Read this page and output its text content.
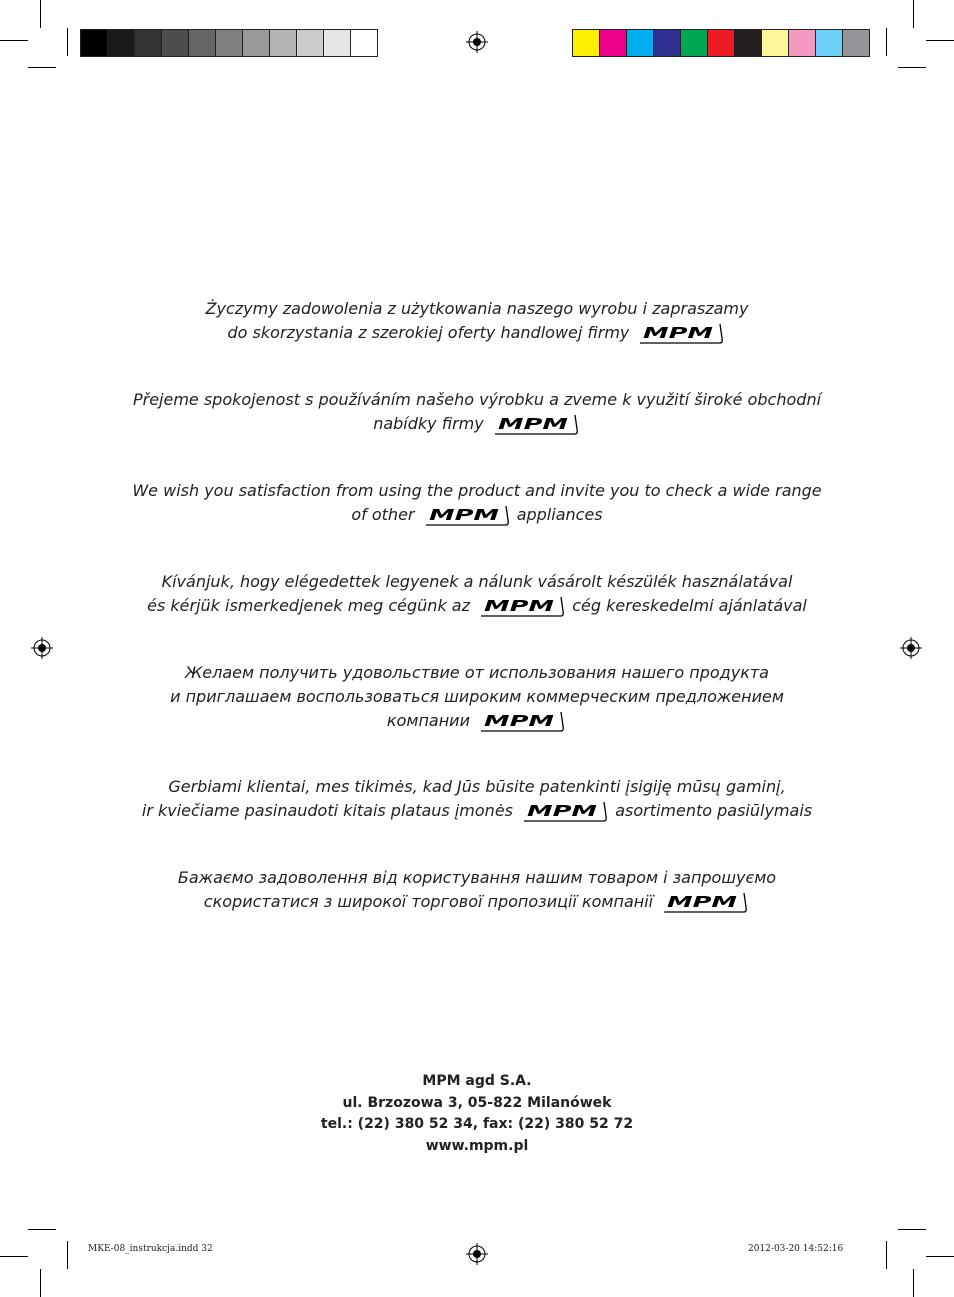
Życzymy zadowolenia z użytkowania naszego wyrobu i zapraszamy
do skorzystania z szerokiej oferty handlowej firmy MPM
Přejeme spokojenost s používáním našeho výrobku a zveme k využití široké obchodní
nabídky firmy MPM
We wish you satisfaction from using the product and invite you to check a wide range
of other MPM appliances
Kívánjuk, hogy elégedettek legyenek a nálunk vásárolt készülék használatával
és kérjük ismerkedjenek meg cégünk az MPM cég kereskedelmi ajánlatával
Желаем получить удовольствие от использования нашего продукта
и приглашаем воспользоваться широким коммерческим предложением
компании MPM
Gerbiami klientai, mes tikimės, kad Jūs būsite patenkinti įsigiję mūsų gaminį,
ir kviečiame pasinaudoti kitais plataus įmonės MPM asortimento pasiūlymais
Бажаємо задоволення від користування нашим товаром і запрошуємо
скористатися з широкої торгової пропозиції компанії MPM
MPM agd S.A.
ul. Brzozowa 3, 05-822 Milanówek
tel.: (22) 380 52 34, fax: (22) 380 52 72
www.mpm.pl
MKE-08_instrukcja.indd 32	2012-03-20 14:52:16
